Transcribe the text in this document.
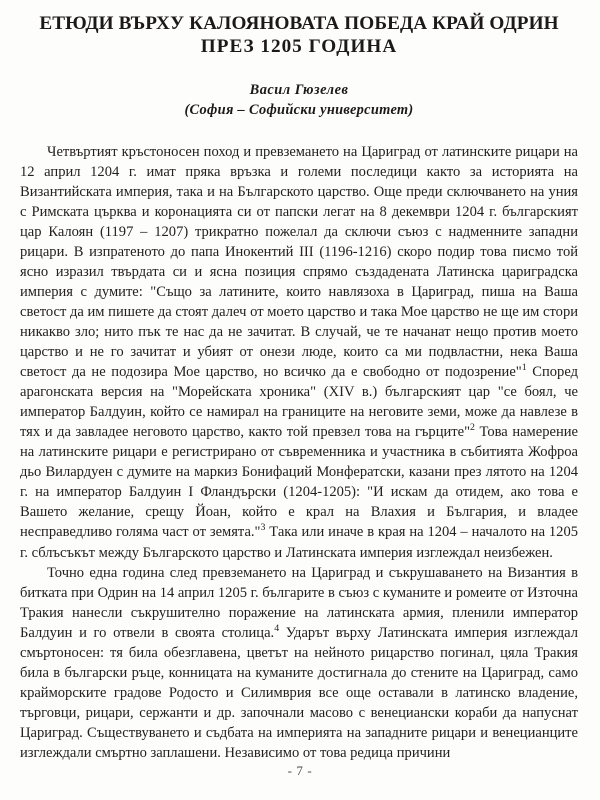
ЕТЮДИ ВЪРХУ КАЛОЯНОВАТА ПОБЕДА КРАЙ ОДРИН
ПРЕЗ 1205 ГОДИНА
Васил Гюзелев
(София – Софийски университет)

Четвъртият кръстоносен поход и превземането на Цариград от латинските рицари на 12 април 1204 г. имат пряка връзка и големи последици както за историята на Византийската империя, така и на Българското царство. Още преди сключването на уния с Римската църква и коронацията си от папски легат на 8 декември 1204 г. българският цар Калоян (1197 – 1207) трикратно пожелал да сключи съюз с надменните западни рицари. В изпратеното до папа Инокентий III (1196-1216) скоро подир това писмо той ясно изразил твърдата си и ясна позиция спрямо създадената Латинска цариградска империя с думите: "Също за латините, които навлязоха в Цариград, пиша на Ваша светост да им пишете да стоят далеч от моето царство и така Мое царство не ще им стори никакво зло; нито пък те нас да не зачитат. В случай, че те начанат нещо против моето царство и не го зачитат и убият от онези люде, които са ми подвластни, нека Ваша светост да не подозира Мое царство, но всичко да е свободно от подозрение"$^1$ Според арагонската версия на "Морейската хроника" (XIV в.) българският цар "се боял, че император Балдуин, който се намирал на границите на неговите земи, може да навлезе в тях и да завладее неговото царство, както той превзел това на гърците"$^2$ Това намерение на латинските рицари е регистрирано от съвременника и участника в събитията Жофроа дьо Вилардуен с думите на маркиз Бонифаций Монфератски, казани през лятото на 1204 г. на император Балдуин I Фландърски (1204-1205): "И искам да отидем, ако това е Вашето желание, срещу Йоан, който е крал на Влахия и България, и владее несправедливо голяма част от земята."$^3$ Така или иначе в края на 1204 – началото на 1205 г. сблъсъкът между Българското царство и Латинската империя изглеждал неизбежен.

Точно една година след превземането на Цариград и съкрушаването на Византия в битката при Одрин на 14 април 1205 г. българите в съюз с куманите и ромеите от Източна Тракия нанесли съкрушително поражение на латинската армия, пленили император Балдуин и го отвели в своята столица.$^4$ Ударът върху Латинската империя изглеждал смъртоносен: тя била обезглавена, цветът на нейното рицарство погинал, цяла Тракия била в български ръце, конницата на куманите достигнала до стените на Цариград, само крайморските градове Родосто и Силимврия все още оставали в латинско владение, търговци, рицари, сержанти и др. започнали масово с венециански кораби да напуснат Цариград. Съществуването и съдбата на империята на западните рицари и венецианците изглеждали смъртно заплашени. Независимо от това редица причини

- 7 -
